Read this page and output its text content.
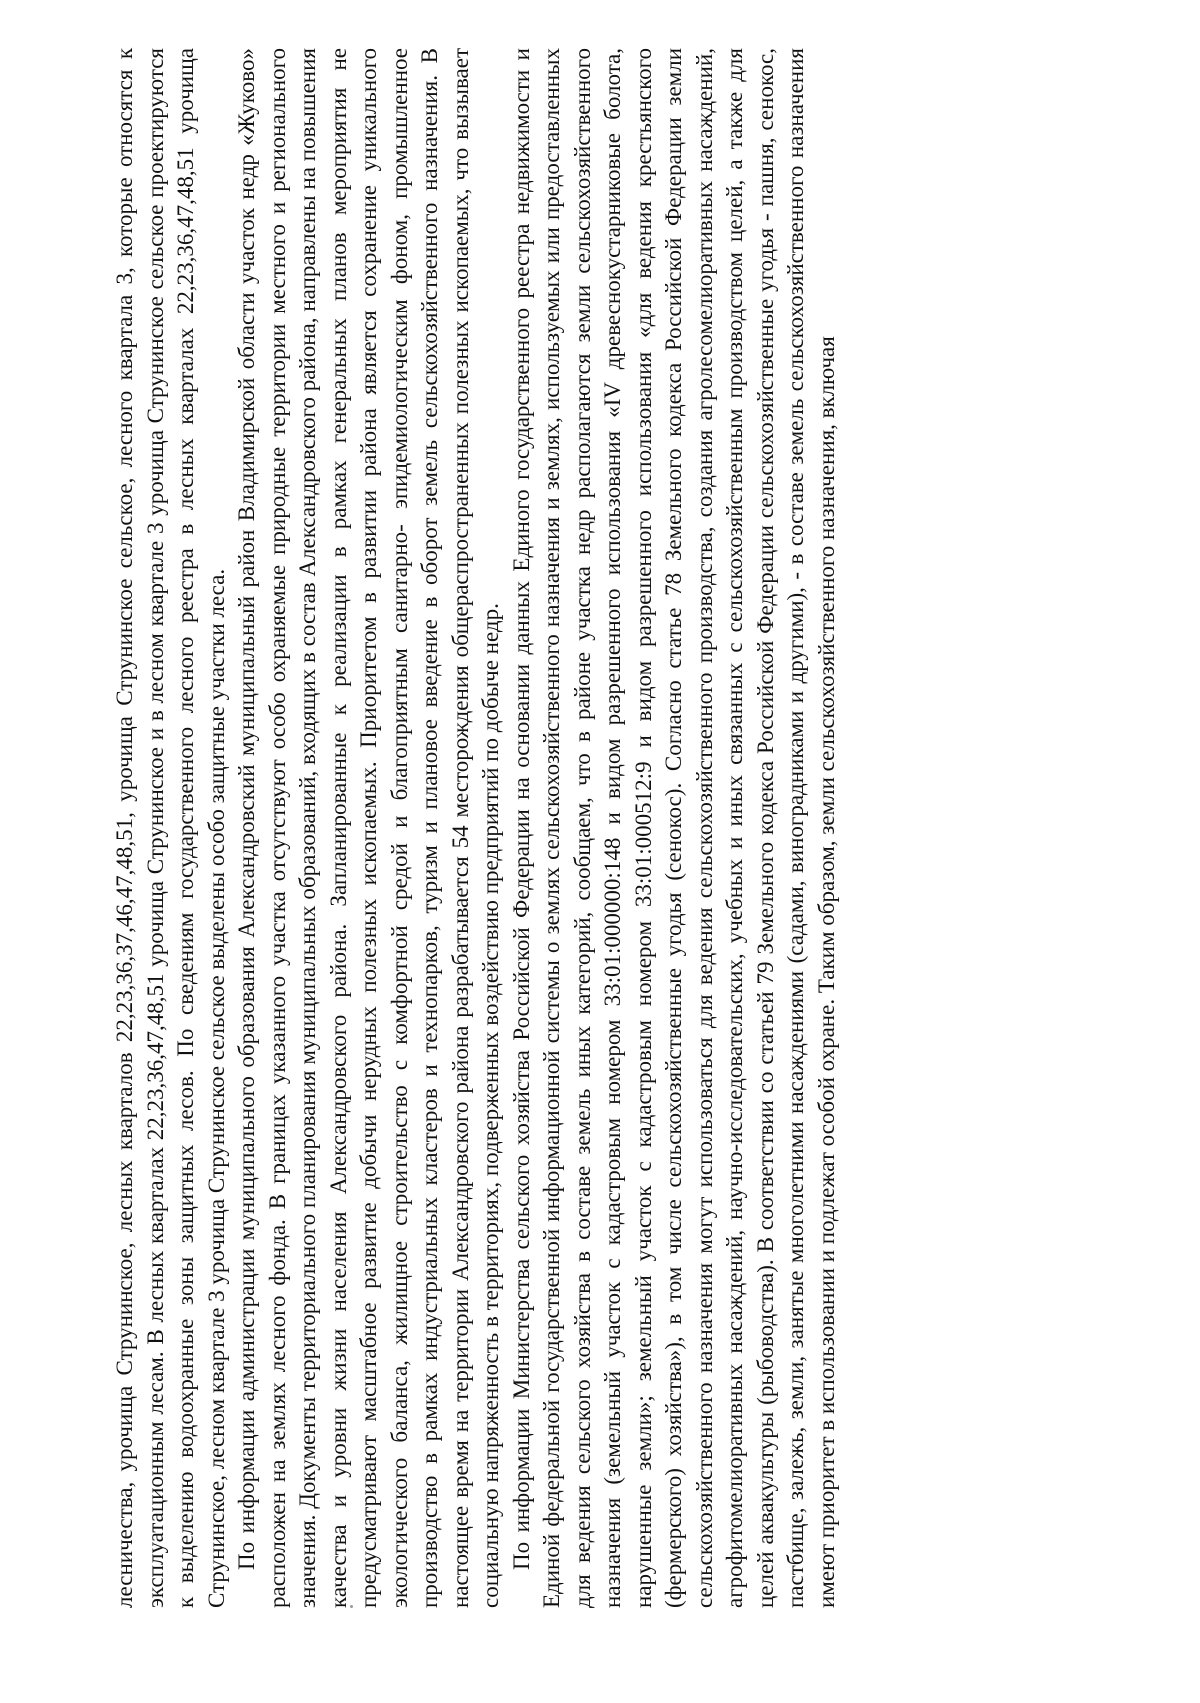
лесничества, урочища Струнинское, лесных кварталов 22,23,36,37,46,47,48,51, урочища Струнинское сельское, лесного квартала 3, которые относятся к эксплуатационным лесам. В лесных кварталах 22,23,36,47,48,51 урочища Струнинское и в лесном квартале 3 урочища Струнинское сельское проектируются к выделению водоохранные зоны защитных лесов. По сведениям государственного лесного реестра в лесных кварталах 22,23,36,47,48,51 урочища Струнинское, лесном квартале 3 урочища Струнинское сельское выделены особо защитные участки леса. По информации администрации муниципального образования Александровский муниципальный район Владимирской области участок недр «Жуково» расположен на землях лесного фонда. В границах указанного участка отсутствуют особо охраняемые природные территории местного и регионального значения. Документы территориального планирования муниципальных образований, входящих в состав Александровского района, направлены на повышения качества и уровни жизни населения Александровского района. Запланированные к реализации в рамках генеральных планов мероприятия не предусматривают масштабное развитие добычи нерудных полезных ископаемых. Приоритетом в развитии района является сохранение уникального экологического баланса, жилищное строительство с комфортной средой и благоприятным санитарно- эпидемиологическим фоном, промышленное производство в рамках индустриальных кластеров и технопарков, туризм и плановое введение в оборот земель сельскохозяйственного назначения. В настоящее время на территории Александровского района разрабатывается 54 месторождения общераспространенных полезных ископаемых, что вызывает социальную напряженность в территориях, подверженных воздействию предприятий по добыче недр. По информации Министерства сельского хозяйства Российской Федерации на основании данных Единого государственного реестра недвижимости и Единой федеральной государственной информационной системы о землях сельскохозяйственного назначения и землях, используемых или предоставленных для ведения сельского хозяйства в составе земель иных категорий, сообщаем, что в районе участка недр располагаются земли сельскохозяйственного назначения (земельный участок с кадастровым номером 33:01:000000:148 и видом разрешенного использования «IV древеснокустарниковые болота, нарушенные земли»; земельный участок с кадастровым номером 33:01:000512:9 и видом разрешенного использования «для ведения крестьянского (фермерского) хозяйства»), в том числе сельскохозяйственные угодья (сенокос). Согласно статье 78 Земельного кодекса Российской Федерации земли сельскохозяйственного назначения могут использоваться для ведения сельскохозяйственного производства, создания агролесомелиоративных насаждений, агрофитомелиоративных насаждений, научно-исследовательских, учебных и иных связанных с сельскохозяйственным производством целей, а также для целей аквакультуры (рыбоводства). В соответствии со статьей 79 Земельного кодекса Российской Федерации сельскохозяйственные угодья - пашня, сенокос, пастбище, залежь, земли, занятые многолетними насаждениями (садами, виноградниками и другими), - в составе земель сельскохозяйственного назначения имеют приоритет в использовании и подлежат особой охране. Таким образом, земли сельскохозяйственного назначения, включая
